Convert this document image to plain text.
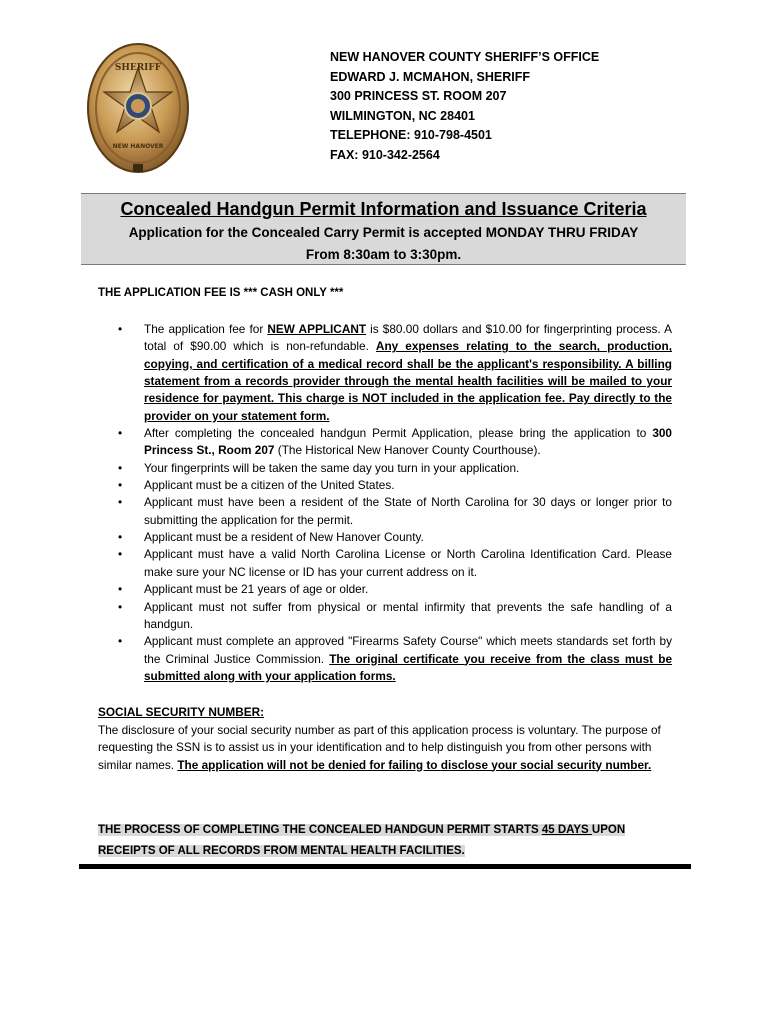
SHERIFF
NEW HANOVER
NEW HANOVER COUNTY SHERIFF’S OFFICE
EDWARD J. MCMAHON, SHERIFF
300 PRINCESS ST. ROOM 207
WILMINGTON, NC 28401
TELEPHONE: 910-798-4501
FAX: 910-342-2564
Concealed Handgun Permit Information and Issuance Criteria
Application for the Concealed Carry Permit is accepted MONDAY THRU FRIDAY
From 8:30am to 3:30pm.
THE APPLICATION FEE IS *** CASH ONLY ***
• The application fee for NEW APPLICANT is $80.00 dollars and $10.00 for fingerprinting process. A total of $90.00 which is non-refundable. Any expenses relating to the search, production, copying, and certification of a medical record shall be the applicant's responsibility. A billing statement from a records provider through the mental health facilities will be mailed to your residence for payment. This charge is NOT included in the application fee. Pay directly to the provider on your statement form.
• After completing the concealed handgun Permit Application, please bring the application to 300 Princess St., Room 207 (The Historical New Hanover County Courthouse).
• Your fingerprints will be taken the same day you turn in your application.
• Applicant must be a citizen of the United States.
• Applicant must have been a resident of the State of North Carolina for 30 days or longer prior to submitting the application for the permit.
• Applicant must be a resident of New Hanover County.
• Applicant must have a valid North Carolina License or North Carolina Identification Card. Please make sure your NC license or ID has your current address on it.
• Applicant must be 21 years of age or older.
• Applicant must not suffer from physical or mental infirmity that prevents the safe handling of a handgun.
• Applicant must complete an approved "Firearms Safety Course" which meets standards set forth by the Criminal Justice Commission. The original certificate you receive from the class must be submitted along with your application forms.
SOCIAL SECURITY NUMBER:
The disclosure of your social security number as part of this application process is voluntary. The purpose of requesting the SSN is to assist us in your identification and to help distinguish you from other persons with similar names. The application will not be denied for failing to disclose your social security number.
THE PROCESS OF COMPLETING THE CONCEALED HANDGUN PERMIT STARTS 45 DAYS UPON
RECEIPTS OF ALL RECORDS FROM MENTAL HEALTH FACILITIES.
